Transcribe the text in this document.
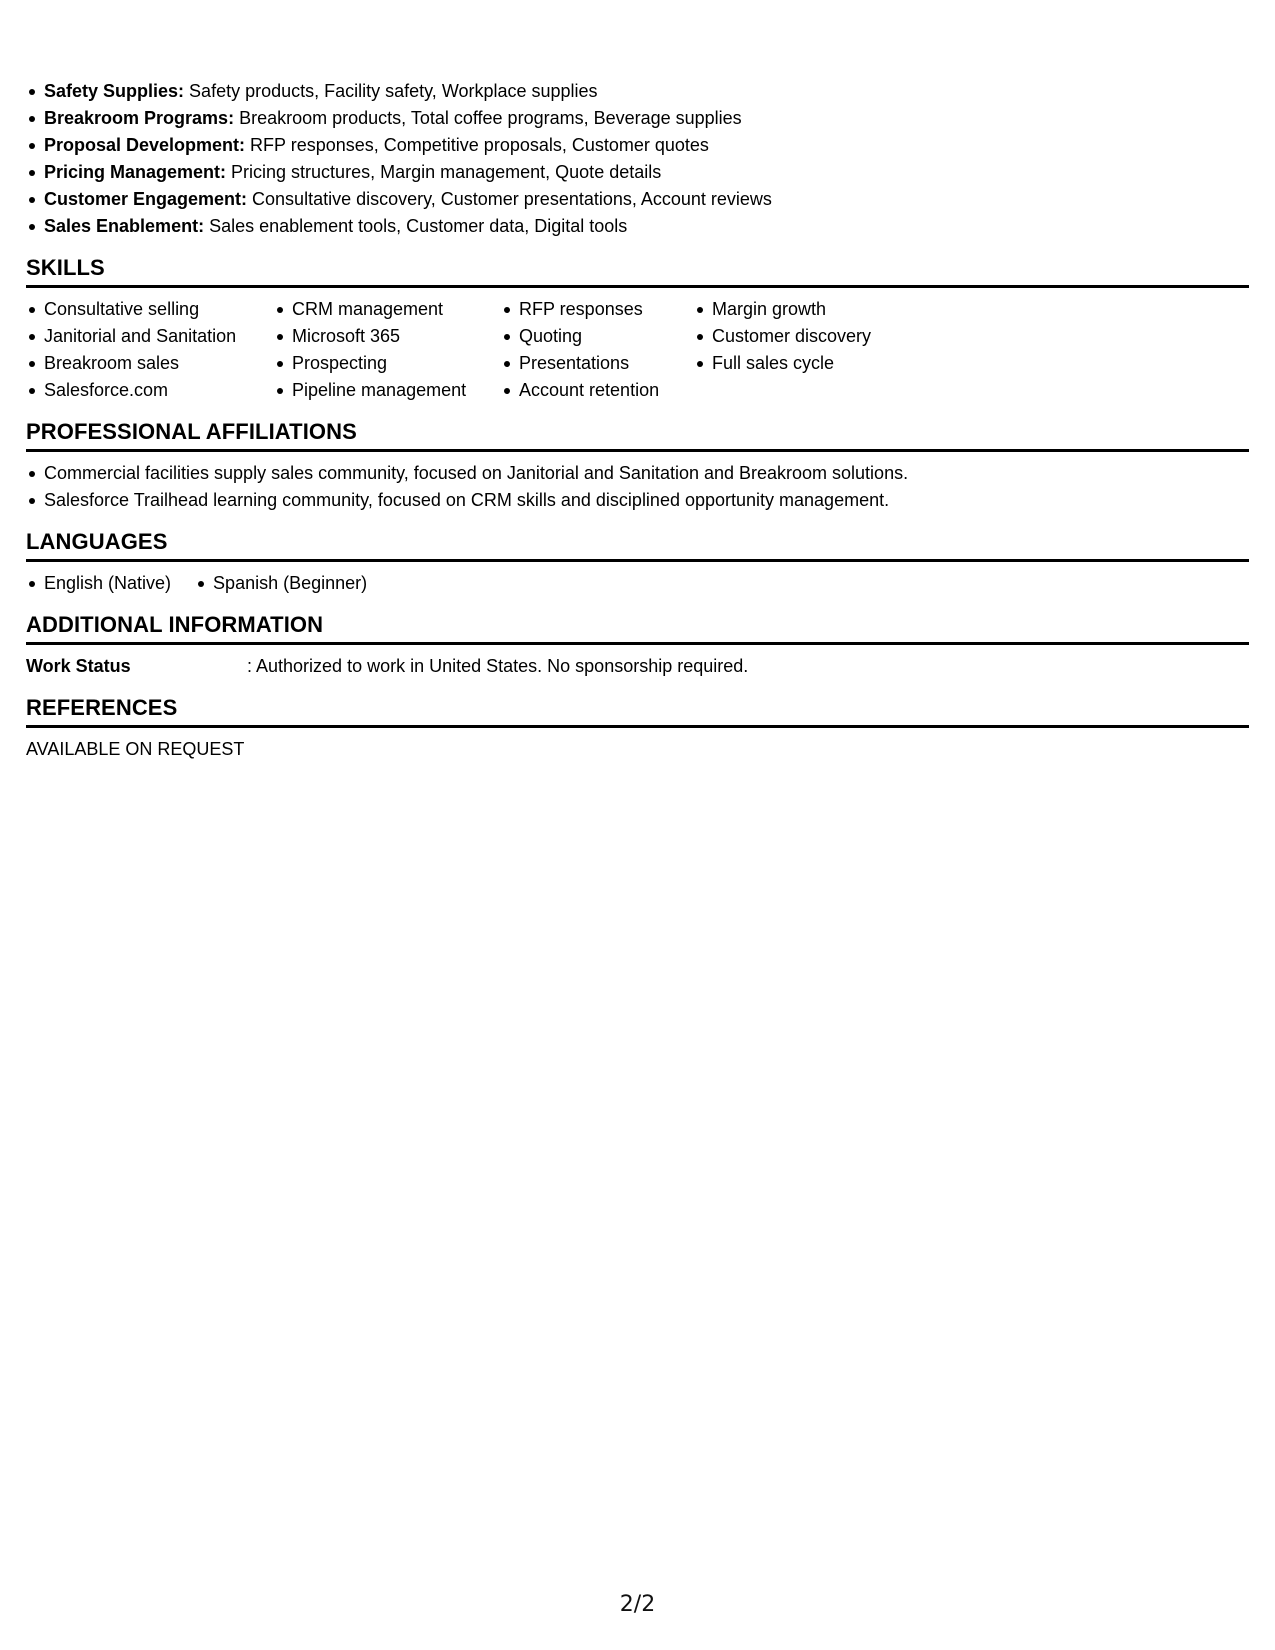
Safety Supplies: Safety products, Facility safety, Workplace supplies
Breakroom Programs: Breakroom products, Total coffee programs, Beverage supplies
Proposal Development: RFP responses, Competitive proposals, Customer quotes
Pricing Management: Pricing structures, Margin management, Quote details
Customer Engagement: Consultative discovery, Customer presentations, Account reviews
Sales Enablement: Sales enablement tools, Customer data, Digital tools
SKILLS
Consultative selling
Janitorial and Sanitation
Breakroom sales
Salesforce.com
CRM management
Microsoft 365
Prospecting
Pipeline management
RFP responses
Quoting
Presentations
Account retention
Margin growth
Customer discovery
Full sales cycle
PROFESSIONAL AFFILIATIONS
Commercial facilities supply sales community, focused on Janitorial and Sanitation and Breakroom solutions.
Salesforce Trailhead learning community, focused on CRM skills and disciplined opportunity management.
LANGUAGES
English (Native)	Spanish (Beginner)
ADDITIONAL INFORMATION
Work Status	: Authorized to work in United States. No sponsorship required.
REFERENCES
AVAILABLE ON REQUEST
2/2
